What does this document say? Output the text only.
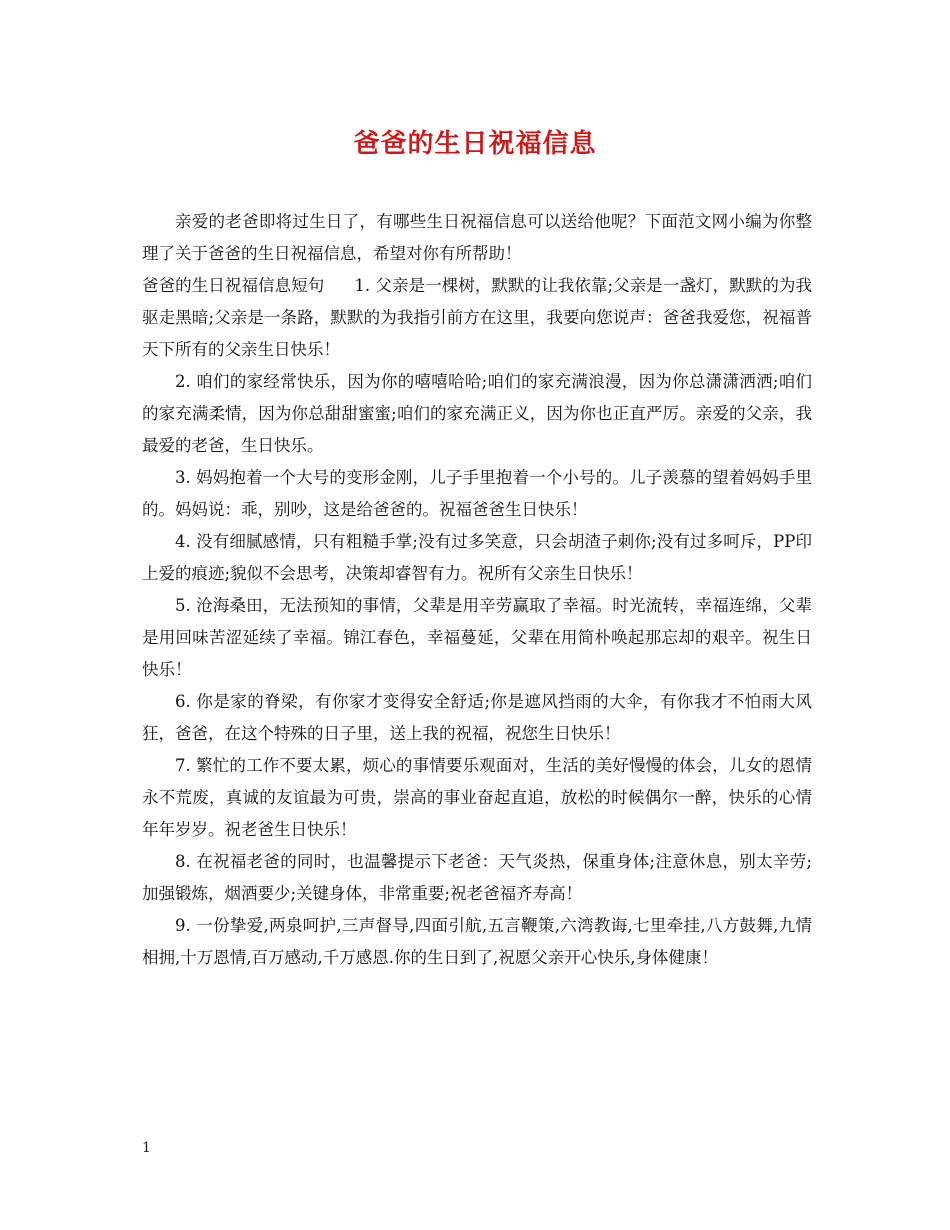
爸爸的生日祝福信息

亲爱的老爸即将过生日了，有哪些生日祝福信息可以送给他呢？下面范文网小编为你整理了关于爸爸的生日祝福信息，希望对你有所帮助！

爸爸的生日祝福信息短句 1. 父亲是一棵树，默默的让我依靠;父亲是一盏灯，默默的为我驱走黑暗;父亲是一条路，默默的为我指引前方在这里，我要向您说声：爸爸我爱您，祝福普天下所有的父亲生日快乐！

2. 咱们的家经常快乐，因为你的嘻嘻哈哈;咱们的家充满浪漫，因为你总潇潇洒洒;咱们的家充满柔情，因为你总甜甜蜜蜜;咱们的家充满正义，因为你也正直严厉。亲爱的父亲，我最爱的老爸，生日快乐。

3. 妈妈抱着一个大号的变形金刚，儿子手里抱着一个小号的。儿子羡慕的望着妈妈手里的。妈妈说：乖，别吵，这是给爸爸的。祝福爸爸生日快乐！

4. 没有细腻感情，只有粗糙手掌;没有过多笑意，只会胡渣子刺你;没有过多呵斥，PP印上爱的痕迹;貌似不会思考，决策却睿智有力。祝所有父亲生日快乐！

5. 沧海桑田，无法预知的事情，父辈是用辛劳赢取了幸福。时光流转，幸福连绵，父辈是用回味苦涩延续了幸福。锦江春色，幸福蔓延，父辈在用简朴唤起那忘却的艰辛。祝生日快乐！

6. 你是家的脊梁，有你家才变得安全舒适;你是遮风挡雨的大伞，有你我才不怕雨大风狂，爸爸，在这个特殊的日子里，送上我的祝福，祝您生日快乐！

7. 繁忙的工作不要太累，烦心的事情要乐观面对，生活的美好慢慢的体会，儿女的恩情永不荒废，真诚的友谊最为可贵，崇高的事业奋起直追，放松的时候偶尔一醉，快乐的心情年年岁岁。祝老爸生日快乐！

8. 在祝福老爸的同时，也温馨提示下老爸：天气炎热，保重身体;注意休息，别太辛劳;加强锻炼，烟酒要少;关键身体，非常重要;祝老爸福齐寿高！

9. 一份挚爱,两泉呵护,三声督导,四面引航,五言鞭策,六湾教诲,七里牵挂,八方鼓舞,九情相拥,十万恩情,百万感动,千万感恩.你的生日到了,祝愿父亲开心快乐,身体健康！

1
